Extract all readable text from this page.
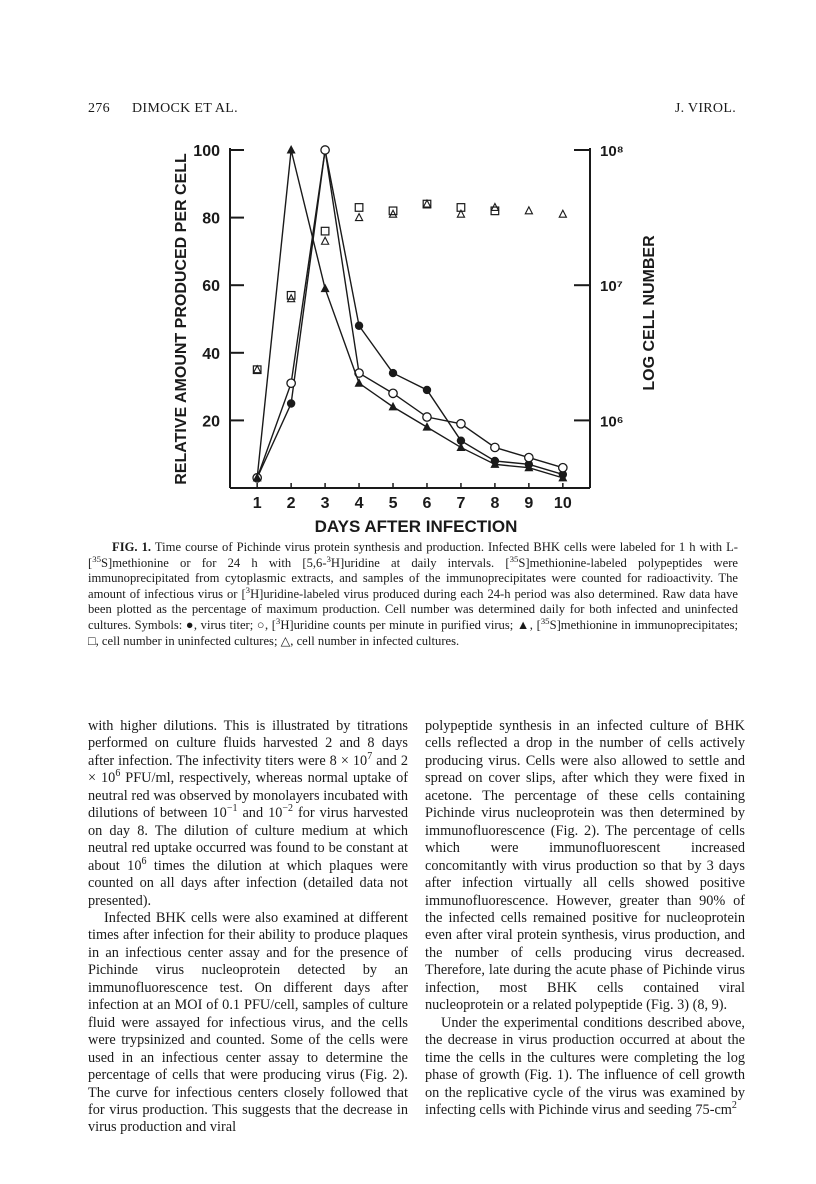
276 DIMOCK ET AL.	J. VIROL.
20
40
60
80
100
10⁶
10⁷
10⁸
1 2 3 4 5 6 7 8 9 10
DAYS AFTER INFECTION
RELATIVE AMOUNT PRODUCED PER CELL	LOG CELL NUMBER

FIG. 1. Time course of Pichinde virus protein synthesis and production. Infected BHK cells were labeled for 1 h with L-[$^{35}$S]methionine or for 24 h with [5,6-$^3$H]uridine at daily intervals. [$^{35}$S]methionine-labeled polypeptides were immunoprecipitated from cytoplasmic extracts, and samples of the immunoprecipitates were counted for radioactivity. The amount of infectious virus or [$^3$H]uridine-labeled virus produced during each 24-h period was also determined. Raw data have been plotted as the percentage of maximum production. Cell number was determined daily for both infected and uninfected cultures. Symbols: ●, virus titer; ○, [$^3$H]uridine counts per minute in purified virus; ▲, [$^{35}$S]methionine in immunoprecipitates; □, cell number in uninfected cultures; △, cell number in infected cultures.

with higher dilutions. This is illustrated by titrations performed on culture fluids harvested 2 and 8 days after infection. The infectivity titers were $8 \times 10^7$ and $2 \times 10^6$ PFU/ml, respectively, whereas normal uptake of neutral red was observed by monolayers incubated with dilutions of between $10^{-1}$ and $10^{-2}$ for virus harvested on day 8. The dilution of culture medium at which neutral red uptake occurred was found to be constant at about $10^6$ times the dilution at which plaques were counted on all days after infection (detailed data not presented).

Infected BHK cells were also examined at different times after infection for their ability to produce plaques in an infectious center assay and for the presence of Pichinde virus nucleoprotein detected by an immunofluorescence test. On different days after infection at an MOI of 0.1 PFU/cell, samples of culture fluid were assayed for infectious virus, and the cells were trypsinized and counted. Some of the cells were used in an infectious center assay to determine the percentage of cells that were producing virus (Fig. 2). The curve for infectious centers closely followed that for virus production. This suggests that the decrease in virus production and viral

polypeptide synthesis in an infected culture of BHK cells reflected a drop in the number of cells actively producing virus. Cells were also allowed to settle and spread on cover slips, after which they were fixed in acetone. The percentage of these cells containing Pichinde virus nucleoprotein was then determined by immunofluorescence (Fig. 2). The percentage of cells which were immunofluorescent increased concomitantly with virus production so that by 3 days after infection virtually all cells showed positive immunofluorescence. However, greater than 90% of the infected cells remained positive for nucleoprotein even after viral protein synthesis, virus production, and the number of cells producing virus decreased. Therefore, late during the acute phase of Pichinde virus infection, most BHK cells contained viral nucleoprotein or a related polypeptide (Fig. 3) (8, 9).

Under the experimental conditions described above, the decrease in virus production occurred at about the time the cells in the cultures were completing the log phase of growth (Fig. 1). The influence of cell growth on the replicative cycle of the virus was examined by infecting cells with Pichinde virus and seeding $75-cm^2$
